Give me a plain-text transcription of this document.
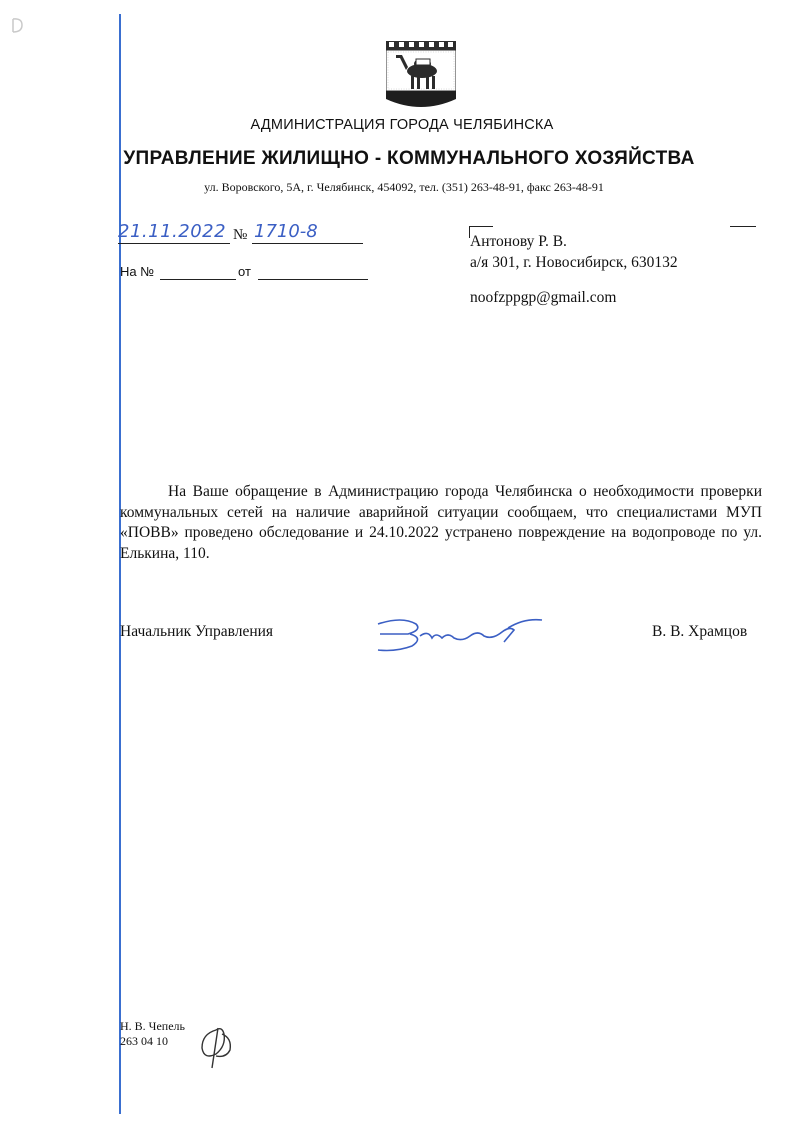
АДМИНИСТРАЦИЯ ГОРОДА ЧЕЛЯБИНСКА
УПРАВЛЕНИЕ ЖИЛИЩНО - КОММУНАЛЬНОГО ХОЗЯЙСТВА
ул. Воровского, 5А, г. Челябинск, 454092, тел. (351) 263-48-91, факс 263-48-91
21.11.2022 № 1710-8
На №	от
Антонову Р. В.
а/я 301, г. Новосибирск, 630132
noofzppgp@gmail.com
На Ваше обращение в Администрацию города Челябинска о необходимости проверки коммунальных сетей на наличие аварийной ситуации сообщаем, что специалистами МУП «ПОВВ» проведено обследование и 24.10.2022 устранено повреждение на водопроводе по ул. Елькина, 110.
Начальник Управления	В. В. Храмцов
Н. В. Чепель
263 04 10
